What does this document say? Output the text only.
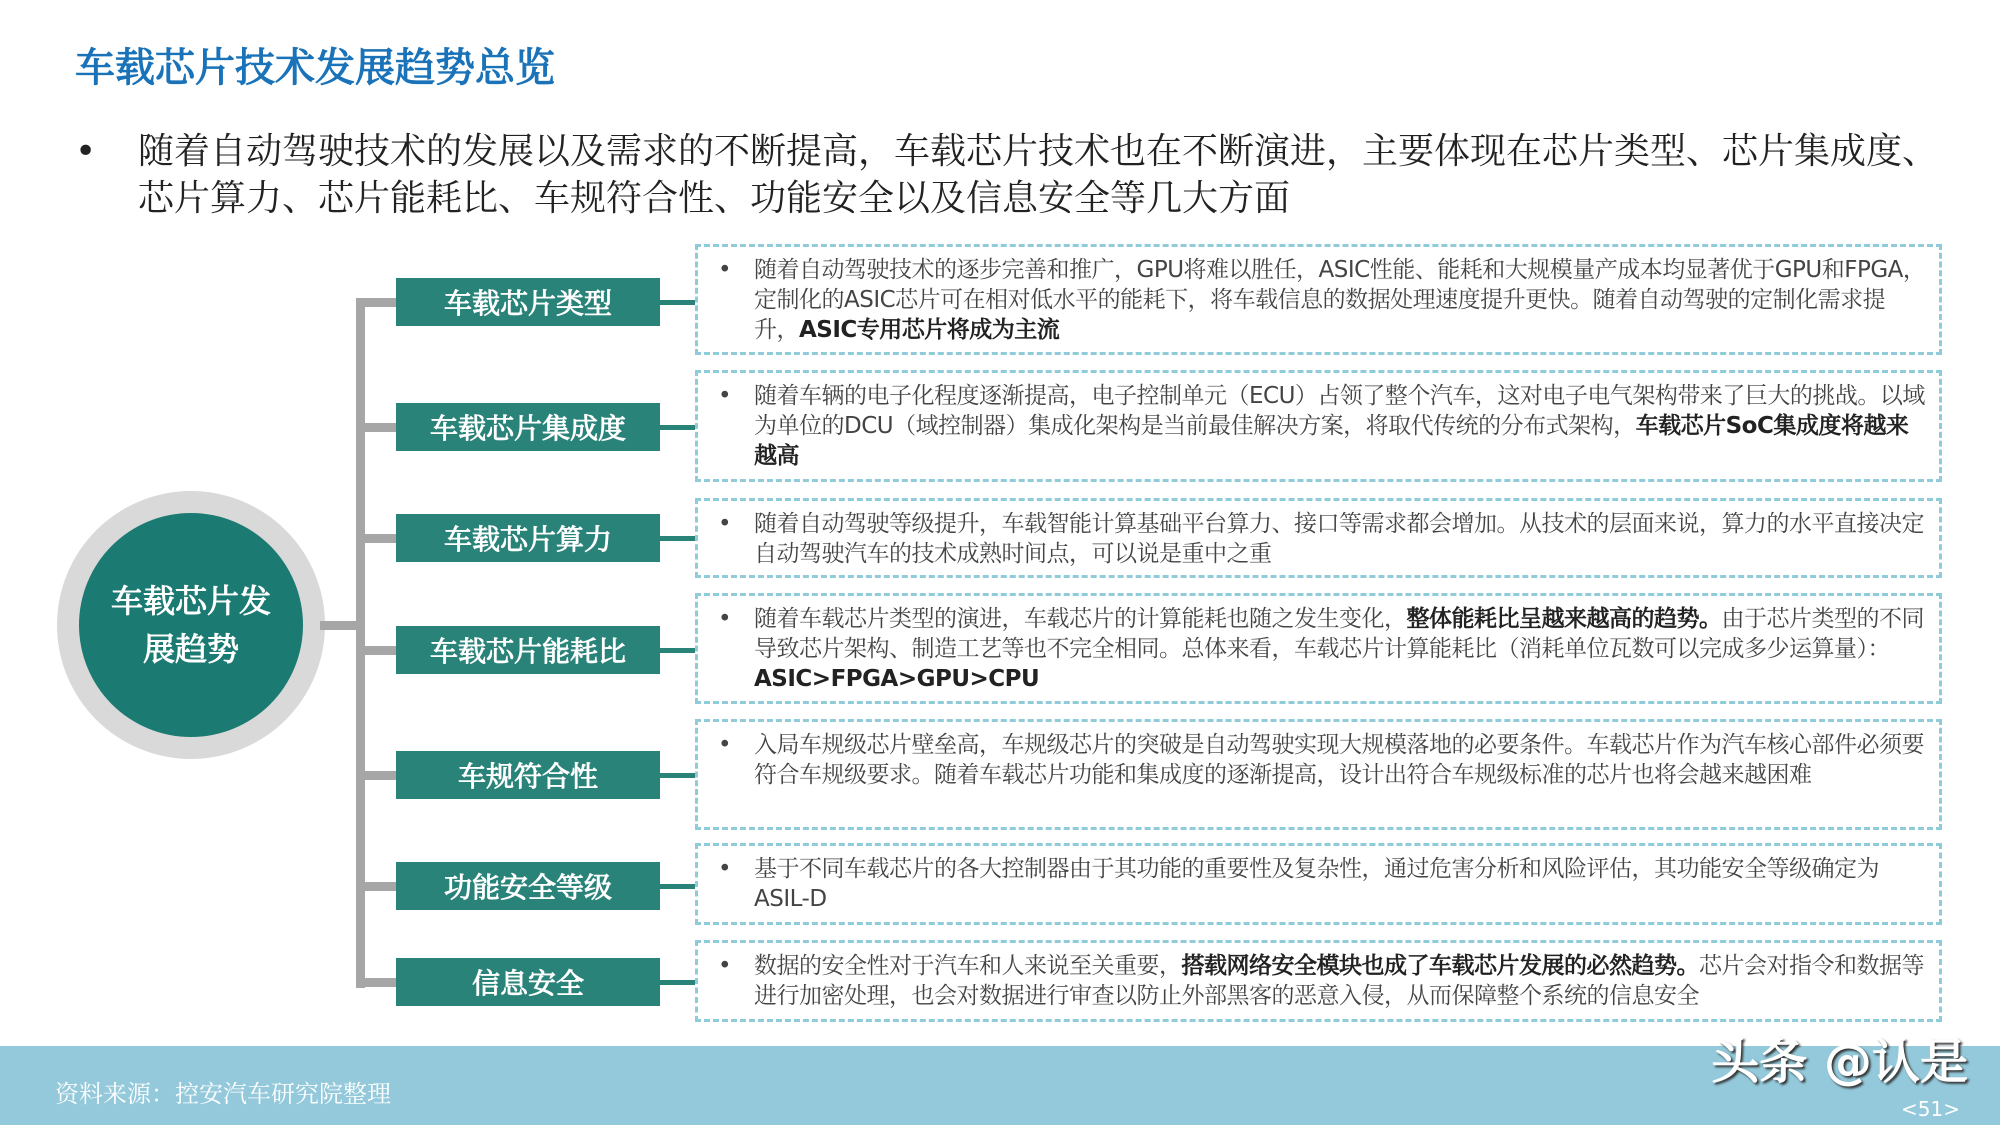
车载芯片技术发展趋势总览
• 随着自动驾驶技术的发展以及需求的不断提高，车载芯片技术也在不断演进，主要体现在芯片类型、芯片集成度、芯片算力、芯片能耗比、车规符合性、功能安全以及信息安全等几大方面
车载芯片发展趋势
车载芯片类型
• 随着自动驾驶技术的逐步完善和推广，GPU将难以胜任，ASIC性能、能耗和大规模量产成本均显著优于GPU和FPGA，定制化的ASIC芯片可在相对低水平的能耗下，将车载信息的数据处理速度提升更快。随着自动驾驶的定制化需求提升，ASIC专用芯片将成为主流
车载芯片集成度
• 随着车辆的电子化程度逐渐提高，电子控制单元（ECU）占领了整个汽车，这对电子电气架构带来了巨大的挑战。以域为单位的DCU（域控制器）集成化架构是当前最佳解决方案，将取代传统的分布式架构，车载芯片SoC集成度将越来越高
车载芯片算力	• 随着自动驾驶等级提升，车载智能计算基础平台算力、接口等需求都会增加。从技术的层面来说，算力的水平直接决定自动驾驶汽车的技术成熟时间点，可以说是重中之重
车载芯片能耗比
• 随着车载芯片类型的演进，车载芯片的计算能耗也随之发生变化，整体能耗比呈越来越高的趋势。由于芯片类型的不同导致芯片架构、制造工艺等也不完全相同。总体来看，车载芯片计算能耗比（消耗单位瓦数可以完成多少运算量）：ASIC>FPGA>GPU>CPU
车规符合性
• 入局车规级芯片壁垒高，车规级芯片的突破是自动驾驶实现大规模落地的必要条件。车载芯片作为汽车核心部件必须要符合车规级要求。随着车载芯片功能和集成度的逐渐提高，设计出符合车规级标准的芯片也将会越来越困难
功能安全等级
• 基于不同车载芯片的各大控制器由于其功能的重要性及复杂性，通过危害分析和风险评估，其功能安全等级确定为ASIL-D
信息安全
• 数据的安全性对于汽车和人来说至关重要，搭载网络安全模块也成了车载芯片发展的必然趋势。芯片会对指令和数据等进行加密处理，也会对数据进行审查以防止外部黑客的恶意入侵，从而保障整个系统的信息安全
资料来源：控安汽车研究院整理
头条 @认是
<51>
